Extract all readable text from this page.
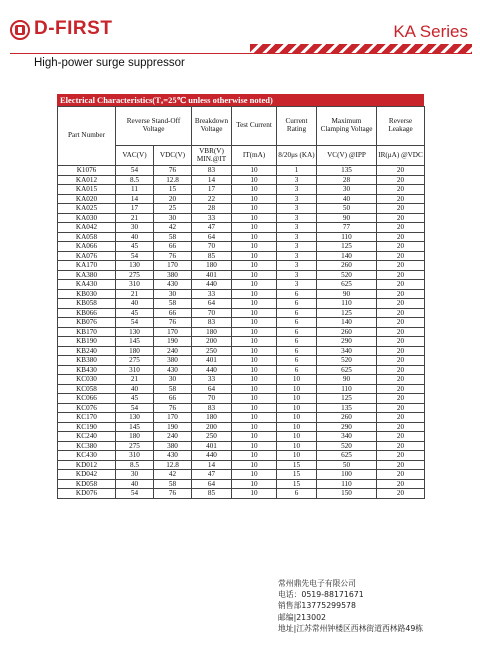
D-FIRST	KA Series
High-power surge suppressor
Electrical Characteristics(Tₐ=25℃ unless otherwise noted)
Part Number	Reverse Stand-Off Voltage		Breakdown Voltage	Test Current	Current Rating	Maximum Clamping Voltage	Reverse Leakage
	VAC(V)	VDC(V)	VBR(V) MIN.@IT	IT(mA)	8/20μs (KA)	VC(V) @IPP	IR(μA) @VDC
K1076	54	76	83	10	1	135	20
KA012	8.5	12.8	14	10	3	28	20
KA015	11	15	17	10	3	30	20
KA020	14	20	22	10	3	40	20
KA025	17	25	28	10	3	50	20
KA030	21	30	33	10	3	90	20
KA042	30	42	47	10	3	77	20
KA058	40	58	64	10	3	110	20
KA066	45	66	70	10	3	125	20
KA076	54	76	85	10	3	140	20
KA170	130	170	180	10	3	260	20
KA380	275	380	401	10	3	520	20
KA430	310	430	440	10	3	625	20
KB030	21	30	33	10	6	90	20
KB058	40	58	64	10	6	110	20
KB066	45	66	70	10	6	125	20
KB076	54	76	83	10	6	140	20
KB170	130	170	180	10	6	260	20
KB190	145	190	200	10	6	290	20
KB240	180	240	250	10	6	340	20
KB380	275	380	401	10	6	520	20
KB430	310	430	440	10	6	625	20
KC030	21	30	33	10	10	90	20
KC058	40	58	64	10	10	110	20
KC066	45	66	70	10	10	125	20
KC076	54	76	83	10	10	135	20
KC170	130	170	180	10	10	260	20
KC190	145	190	200	10	10	290	20
KC240	180	240	250	10	10	340	20
KC380	275	380	401	10	10	520	20
KC430	310	430	440	10	10	625	20
KD012	8.5	12.8	14	10	15	50	20
KD042	30	42	47	10	15	100	20
KD058	40	58	64	10	15	110	20
KD076	54	76	85	10	6	150	20
常州鼎先电子有限公司
电话：0519-88171671
销售部13775299578
邮编|213002
地址|江苏常州钟楼区西林街道西林路49栋
